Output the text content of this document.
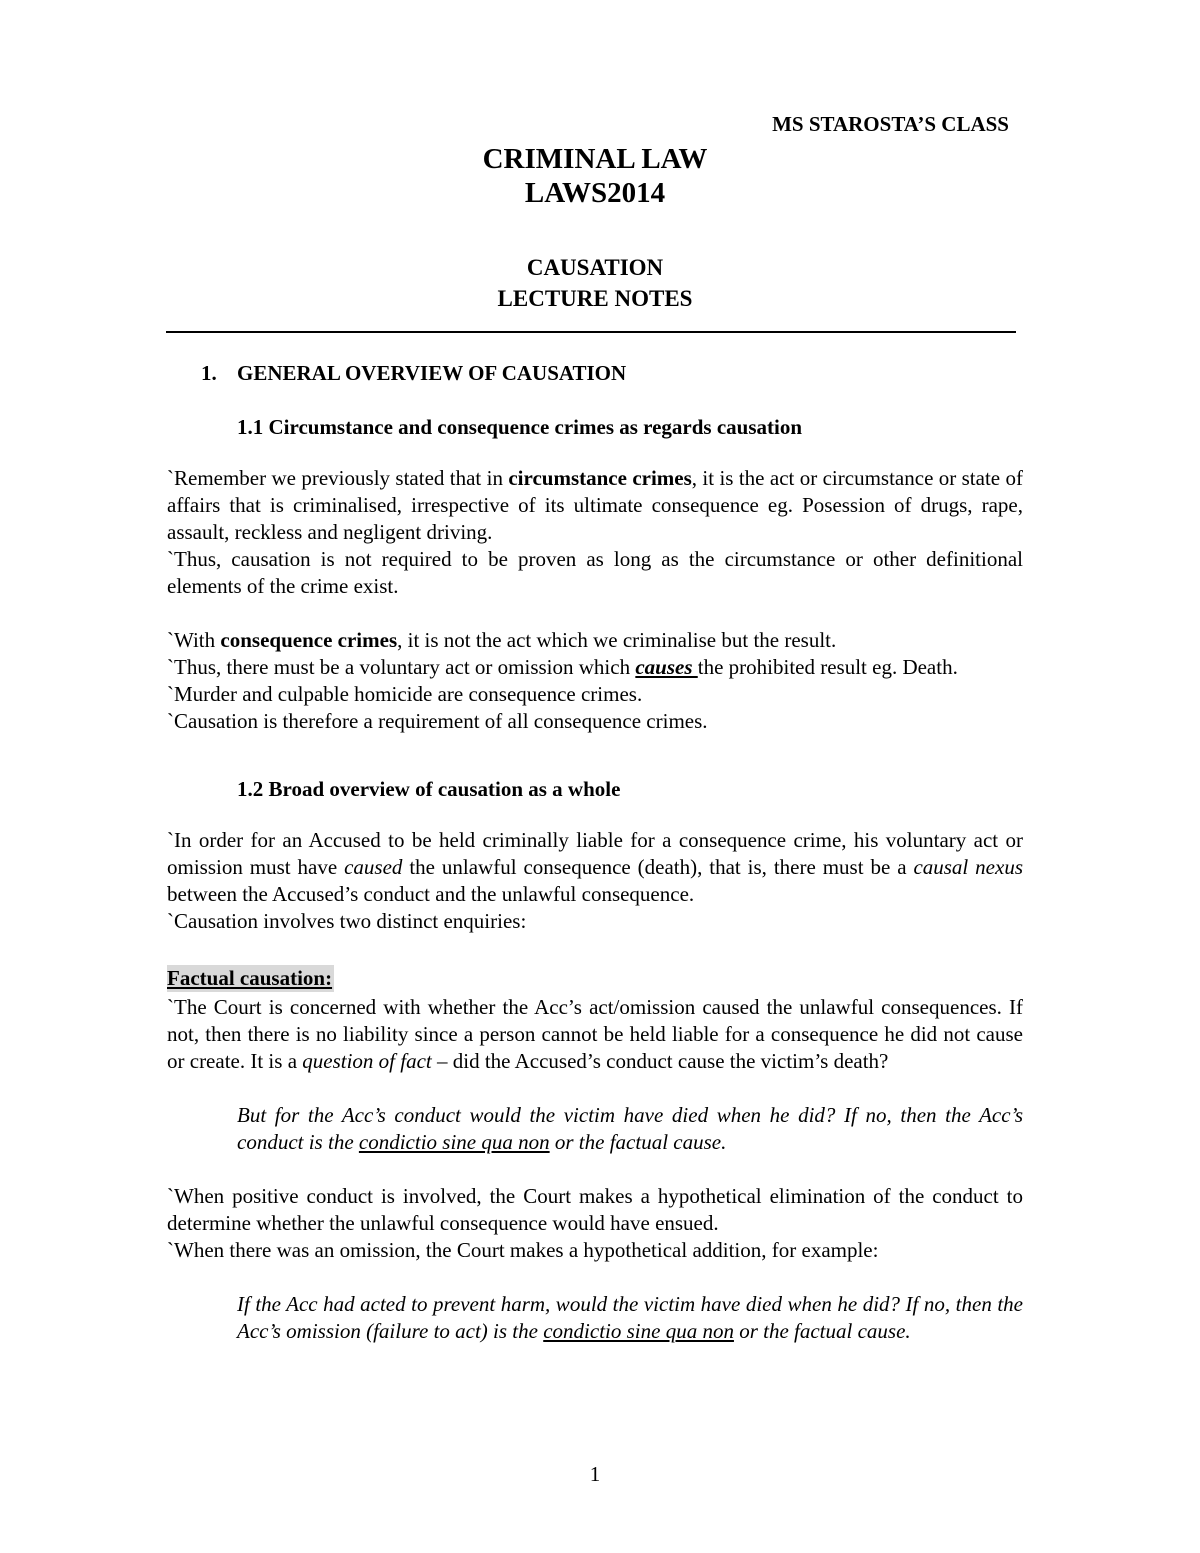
MS STAROSTA’S CLASS

CRIMINAL LAW

LAWS2014

CAUSATION

LECTURE NOTES

1. GENERAL OVERVIEW OF CAUSATION
1.1 Circumstance and consequence crimes as regards causation

`Remember we previously stated that in circumstance crimes, it is the act or circumstance or state of affairs that is criminalised, irrespective of its ultimate consequence eg. Posession of drugs, rape, assault, reckless and negligent driving.

`Thus, causation is not required to be proven as long as the circumstance or other definitional elements of the crime exist.

`With consequence crimes, it is not the act which we criminalise but the result.

`Thus, there must be a voluntary act or omission which causes the prohibited result eg. Death.

`Murder and culpable homicide are consequence crimes.

`Causation is therefore a requirement of all consequence crimes.

1.2 Broad overview of causation as a whole

`In order for an Accused to be held criminally liable for a consequence crime, his voluntary act or omission must have caused the unlawful consequence (death), that is, there must be a causal nexus between the Accused’s conduct and the unlawful consequence.

`Causation involves two distinct enquiries:

Factual causation:

`The Court is concerned with whether the Acc’s act/omission caused the unlawful consequences. If not, then there is no liability since a person cannot be held liable for a consequence he did not cause or create. It is a question of fact – did the Accused’s conduct cause the victim’s death?

But for the Acc’s conduct would the victim have died when he did? If no, then the Acc’s conduct is the condictio sine qua non or the factual cause.

`When positive conduct is involved, the Court makes a hypothetical elimination of the conduct to determine whether the unlawful consequence would have ensued.

`When there was an omission, the Court makes a hypothetical addition, for example:

If the Acc had acted to prevent harm, would the victim have died when he did? If no, then the Acc’s omission (failure to act) is the condictio sine qua non or the factual cause.

1
